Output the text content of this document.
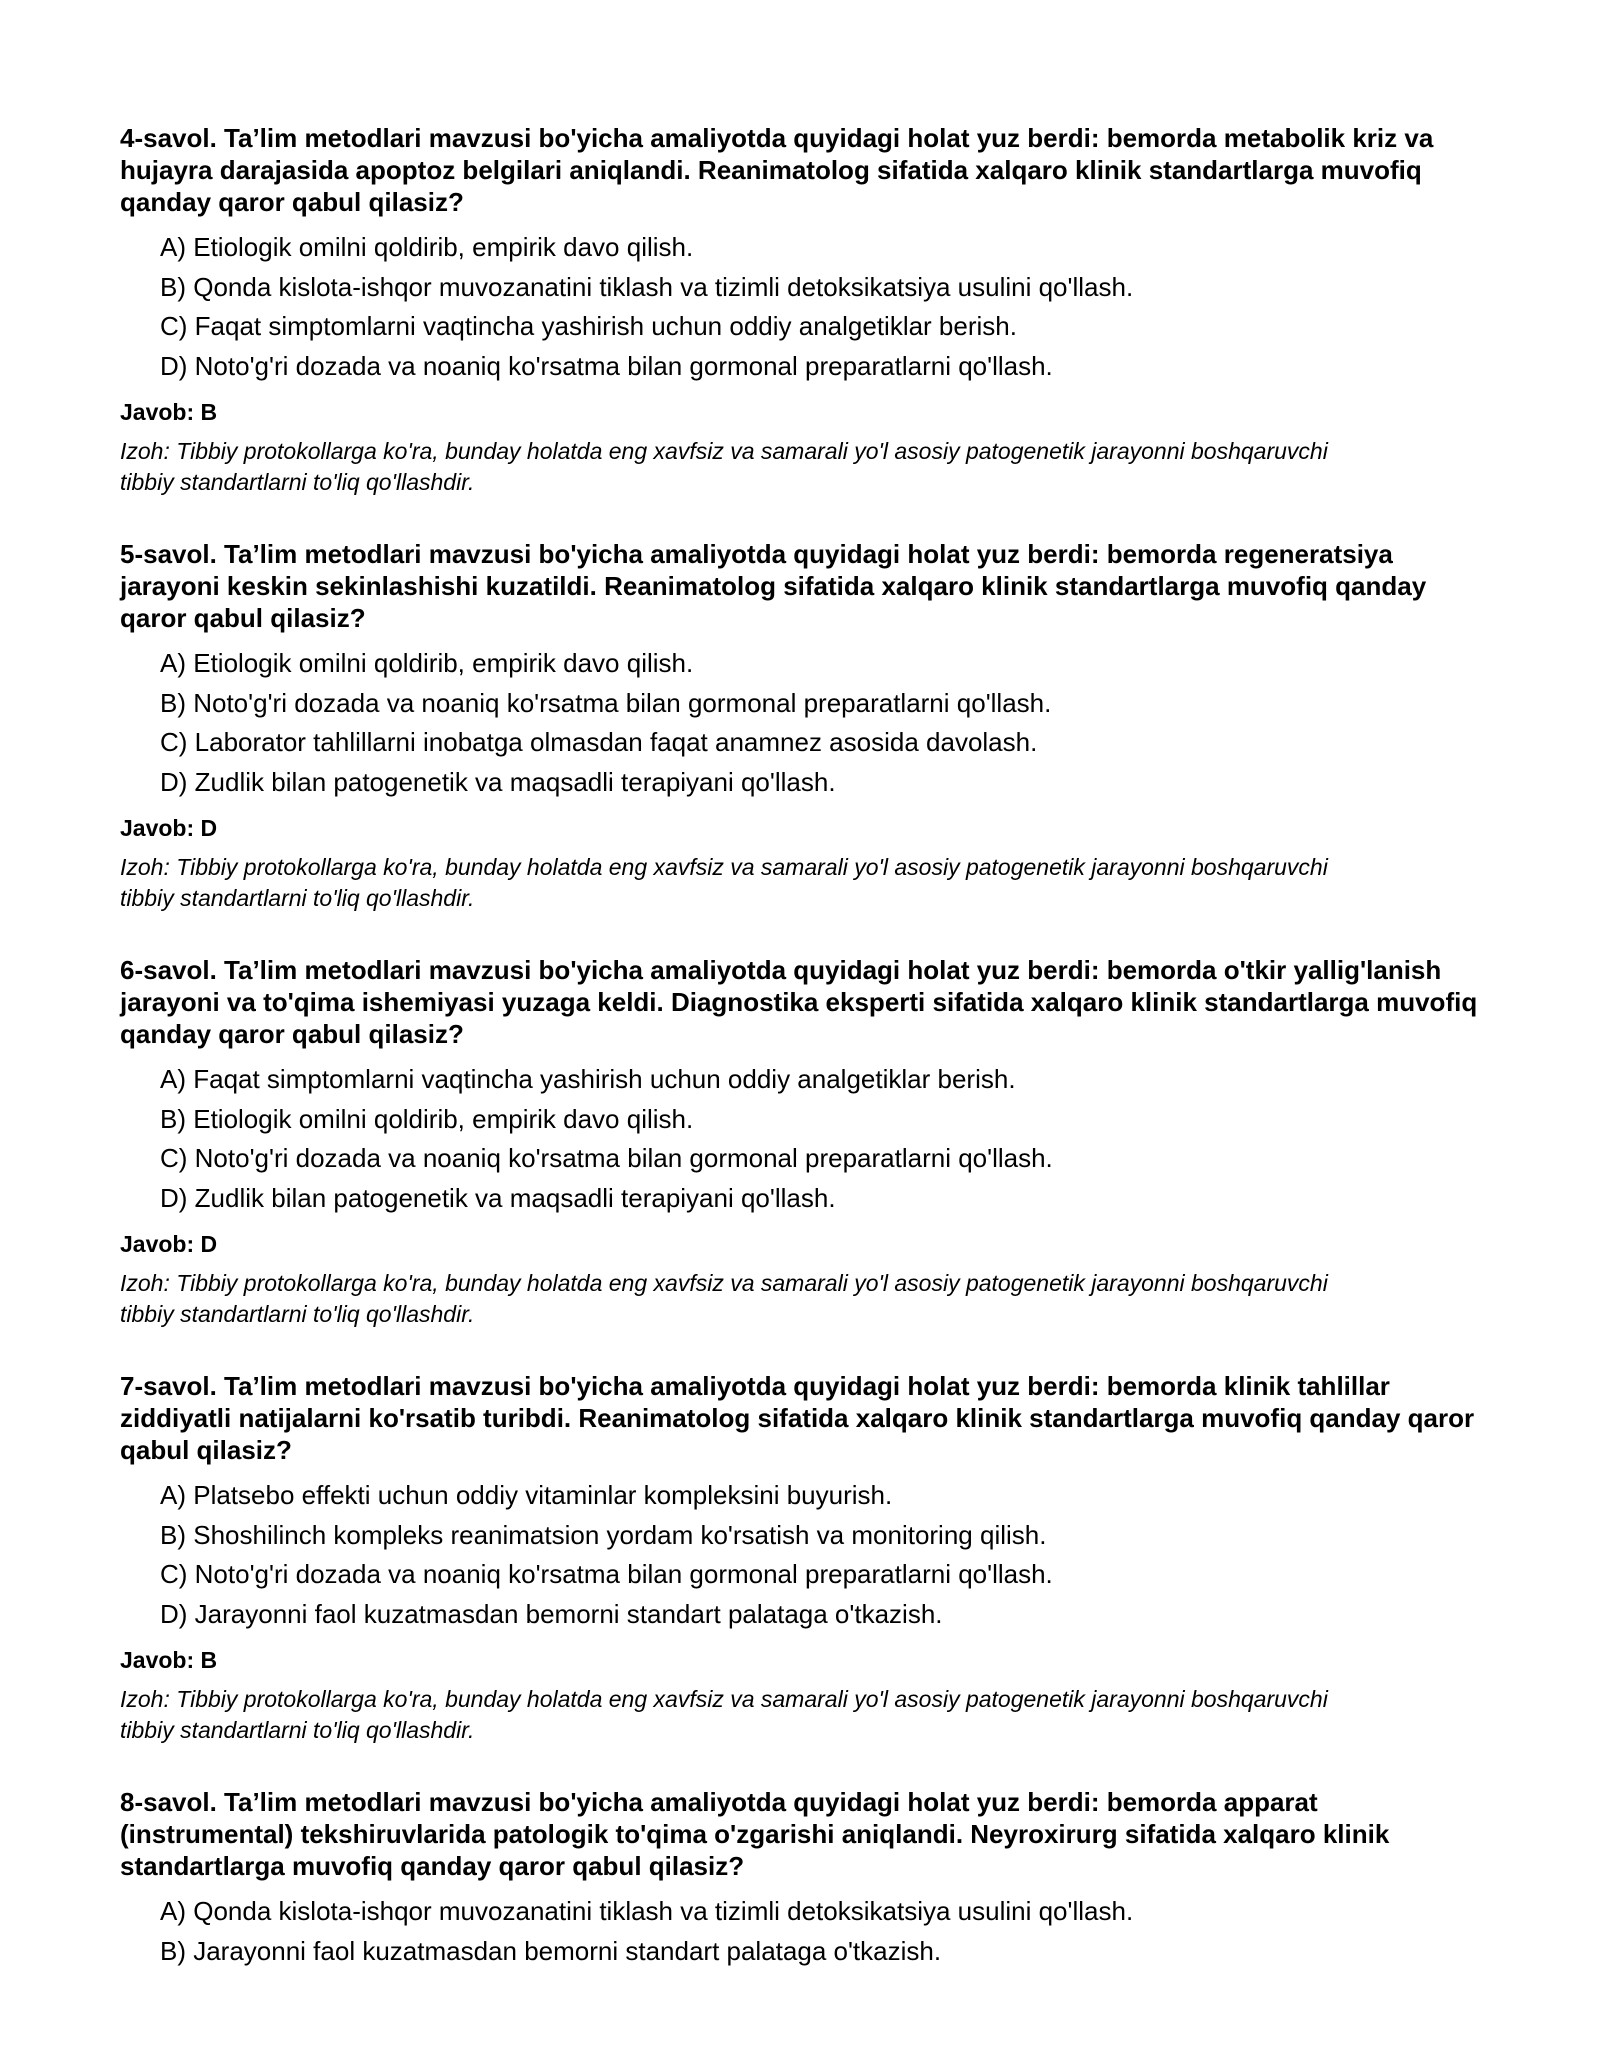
4-savol. Ta’lim metodlari mavzusi bo'yicha amaliyotda quyidagi holat yuz berdi: bemorda metabolik kriz va hujayra darajasida apoptoz belgilari aniqlandi. Reanimatolog sifatida xalqaro klinik standartlarga muvofiq qanday qaror qabul qilasiz?
A) Etiologik omilni qoldirib, empirik davo qilish.
B) Qonda kislota-ishqor muvozanatini tiklash va tizimli detoksikatsiya usulini qo'llash.
C) Faqat simptomlarni vaqtincha yashirish uchun oddiy analgetiklar berish.
D) Noto'g'ri dozada va noaniq ko'rsatma bilan gormonal preparatlarni qo'llash.
Javob: B
Izoh: Tibbiy protokollarga ko'ra, bunday holatda eng xavfsiz va samarali yo'l asosiy patogenetik jarayonni boshqaruvchi tibbiy standartlarni to'liq qo'llashdir.
5-savol. Ta’lim metodlari mavzusi bo'yicha amaliyotda quyidagi holat yuz berdi: bemorda regeneratsiya jarayoni keskin sekinlashishi kuzatildi. Reanimatolog sifatida xalqaro klinik standartlarga muvofiq qanday qaror qabul qilasiz?
A) Etiologik omilni qoldirib, empirik davo qilish.
B) Noto'g'ri dozada va noaniq ko'rsatma bilan gormonal preparatlarni qo'llash.
C) Laborator tahlillarni inobatga olmasdan faqat anamnez asosida davolash.
D) Zudlik bilan patogenetik va maqsadli terapiyani qo'llash.
Javob: D
Izoh: Tibbiy protokollarga ko'ra, bunday holatda eng xavfsiz va samarali yo'l asosiy patogenetik jarayonni boshqaruvchi tibbiy standartlarni to'liq qo'llashdir.
6-savol. Ta’lim metodlari mavzusi bo'yicha amaliyotda quyidagi holat yuz berdi: bemorda o'tkir yallig'lanish jarayoni va to'qima ishemiyasi yuzaga keldi. Diagnostika eksperti sifatida xalqaro klinik standartlarga muvofiq qanday qaror qabul qilasiz?
A) Faqat simptomlarni vaqtincha yashirish uchun oddiy analgetiklar berish.
B) Etiologik omilni qoldirib, empirik davo qilish.
C) Noto'g'ri dozada va noaniq ko'rsatma bilan gormonal preparatlarni qo'llash.
D) Zudlik bilan patogenetik va maqsadli terapiyani qo'llash.
Javob: D
Izoh: Tibbiy protokollarga ko'ra, bunday holatda eng xavfsiz va samarali yo'l asosiy patogenetik jarayonni boshqaruvchi tibbiy standartlarni to'liq qo'llashdir.
7-savol. Ta’lim metodlari mavzusi bo'yicha amaliyotda quyidagi holat yuz berdi: bemorda klinik tahlillar ziddiyatli natijalarni ko'rsatib turibdi. Reanimatolog sifatida xalqaro klinik standartlarga muvofiq qanday qaror qabul qilasiz?
A) Platsebo effekti uchun oddiy vitaminlar kompleksini buyurish.
B) Shoshilinch kompleks reanimatsion yordam ko'rsatish va monitoring qilish.
C) Noto'g'ri dozada va noaniq ko'rsatma bilan gormonal preparatlarni qo'llash.
D) Jarayonni faol kuzatmasdan bemorni standart palataga o'tkazish.
Javob: B
Izoh: Tibbiy protokollarga ko'ra, bunday holatda eng xavfsiz va samarali yo'l asosiy patogenetik jarayonni boshqaruvchi tibbiy standartlarni to'liq qo'llashdir.
8-savol. Ta’lim metodlari mavzusi bo'yicha amaliyotda quyidagi holat yuz berdi: bemorda apparat (instrumental) tekshiruvlarida patologik to'qima o'zgarishi aniqlandi. Neyroxirurg sifatida xalqaro klinik standartlarga muvofiq qanday qaror qabul qilasiz?
A) Qonda kislota-ishqor muvozanatini tiklash va tizimli detoksikatsiya usulini qo'llash.
B) Jarayonni faol kuzatmasdan bemorni standart palataga o'tkazish.
